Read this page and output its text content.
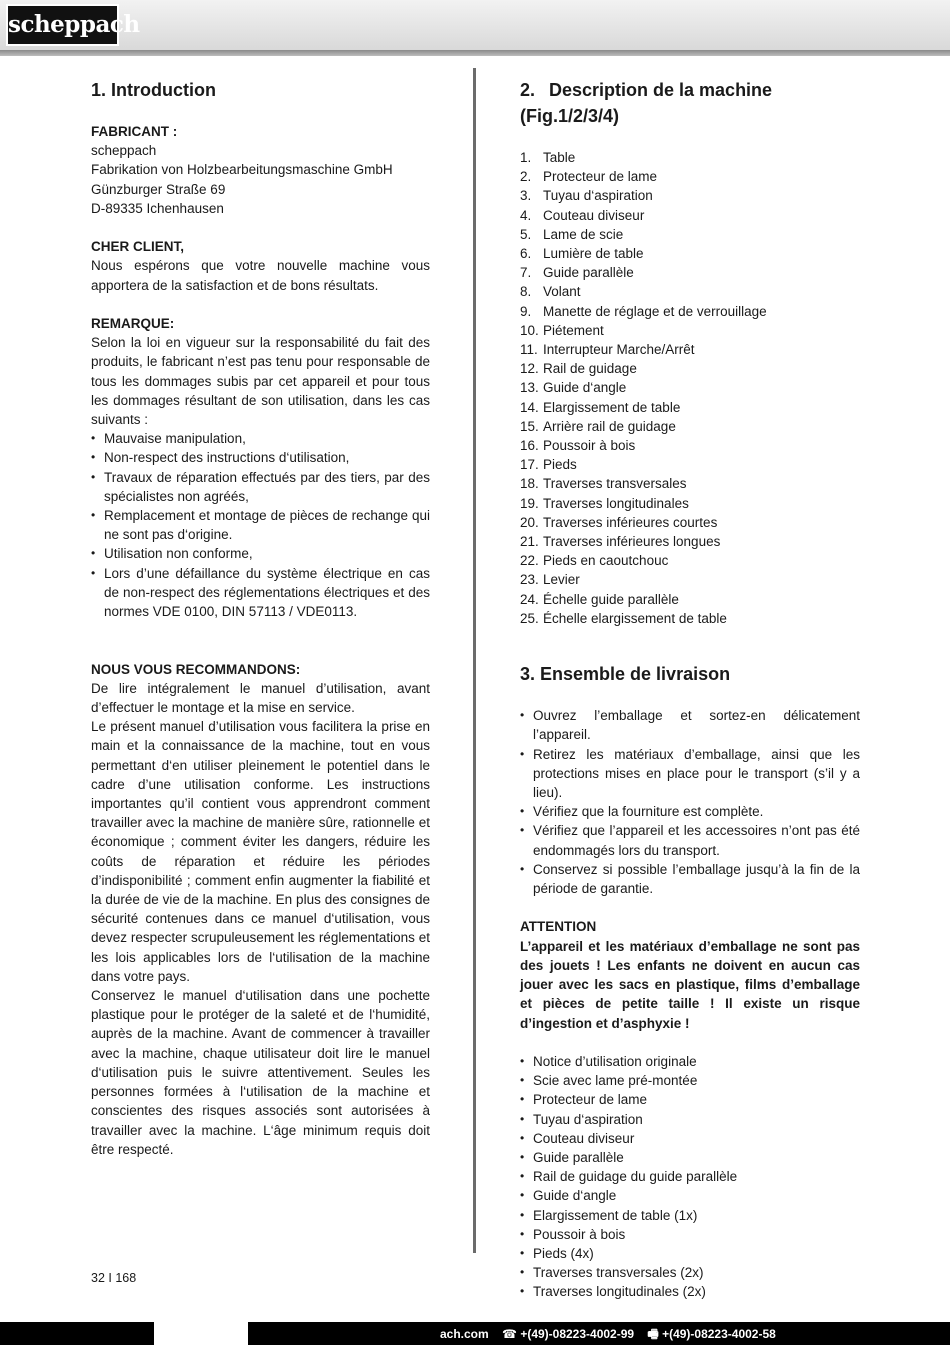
scheppach
1. Introduction

FABRICANT :

scheppach

Fabrikation von Holzbearbeitungsmaschine GmbH

Günzburger Straße 69

D-89335 Ichenhausen

CHER CLIENT,

Nous espérons que votre nouvelle machine vous apportera de la satisfaction et de bons résultats.

REMARQUE:

Selon la loi en vigueur sur la responsabilité du fait des produits, le fabricant n’est pas tenu pour responsable de tous les dommages subis par cet appareil et pour tous les dommages résultant de son utilisation, dans les cas suivants :

• Mauvaise manipulation,
• Non-respect des instructions d‘utilisation,
• Travaux de réparation effectués par des tiers, par des spécialistes non agréés,
• Remplacement et montage de pièces de rechange qui ne sont pas d‘origine.
• Utilisation non conforme,
• Lors d’une défaillance du système électrique en cas de non-respect des réglementations électriques et des normes VDE 0100, DIN 57113 / VDE0113.

NOUS VOUS RECOMMANDONS:

De lire intégralement le manuel d’utilisation, avant d’effectuer le montage et la mise en service.

Le présent manuel d’utilisation vous facilitera la prise en main et la connaissance de la machine, tout en vous permettant d‘en utiliser pleinement le potentiel dans le cadre d’une utilisation conforme. Les instructions importantes qu’il contient vous apprendront comment travailler avec la machine de manière sûre, rationnelle et économique ; comment éviter les dangers, réduire les coûts de réparation et réduire les périodes d’indisponibilité ; comment enfin augmenter la fiabilité et la durée de vie de la machine. En plus des consignes de sécurité contenues dans ce manuel d‘utilisation, vous devez respecter scrupuleusement les réglementations et les lois applicables lors de l‘utilisation de la machine dans votre pays.

Conservez le manuel d‘utilisation dans une pochette plastique pour le protéger de la saleté et de l‘humidité, auprès de la machine. Avant de commencer à travailler avec la machine, chaque utilisateur doit lire le manuel d‘utilisation puis le suivre attentivement. Seules les personnes formées à l‘utilisation de la machine et conscientes des risques associés sont autorisées à travailler avec la machine. L‘âge minimum requis doit être respecté.

2. Description de la machine (Fig.1/2/3/4)
1. Table
2. Protecteur de lame
3. Tuyau d‘aspiration
4. Couteau diviseur
5. Lame de scie
6. Lumière de table
7. Guide parallèle
8. Volant
9. Manette de réglage et de verrouillage
10. Piétement
11. Interrupteur Marche/Arrêt
12. Rail de guidage
13. Guide d‘angle
14. Elargissement de table
15. Arrière rail de guidage
16. Poussoir à bois
17. Pieds
18. Traverses transversales
19. Traverses longitudinales
20. Traverses inférieures courtes
21. Traverses inférieures longues
22. Pieds en caoutchouc
23. Levier
24. Échelle guide parallèle
25. Échelle elargissement de table
3. Ensemble de livraison
• Ouvrez l’emballage et sortez-en délicatement l’appareil.
• Retirez les matériaux d’emballage, ainsi que les protections mises en place pour le transport (s’il y a lieu).
• Vérifiez que la fourniture est complète.
• Vérifiez que l’appareil et les accessoires n’ont pas été endommagés lors du transport.
• Conservez si possible l’emballage jusqu’à la fin de la période de garantie.

ATTENTION

L’appareil et les matériaux d’emballage ne sont pas des jouets ! Les enfants ne doivent en aucun cas jouer avec les sacs en plastique, films d’emballage et pièces de petite taille ! Il existe un risque d’ingestion et d’asphyxie !

• Notice d’utilisation originale
• Scie avec lame pré-montée
• Protecteur de lame
• Tuyau d‘aspiration
• Couteau diviseur
• Guide parallèle
• Rail de guidage du guide parallèle
• Guide d‘angle
• Elargissement de table (1x)
• Poussoir à bois
• Pieds (4x)
• Traverses transversales (2x)
• Traverses longitudinales (2x)
32 I 168
ach.com ☎ +(49)-08223-4002-99 🖷 +(49)-08223-4002-58
